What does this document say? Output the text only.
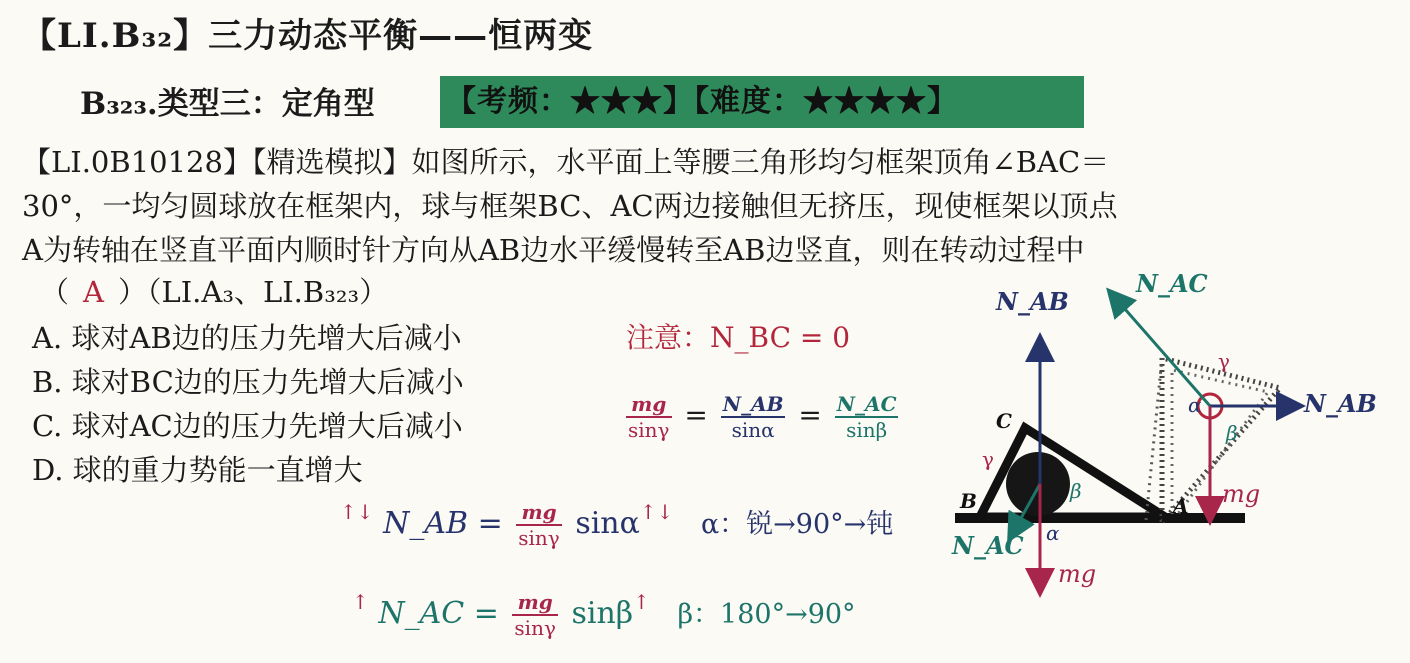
【LI.B₃₂】三力动态平衡——恒两变
B₃₂₃.类型三：定角型 【考频：★★★】【难度：★★★★】
【LI.0B10128】【精选模拟】如图所示，水平面上等腰三角形均匀框架顶角∠BAC＝
30°，一均匀圆球放在框架内，球与框架BC、AC两边接触但无挤压，现使框架以顶点
A为转轴在竖直平面内顺时针方向从AB边水平缓慢转至AB边竖直，则在转动过程中
（ A ）（LI.A₃、LI.B₃₂₃）
A. 球对AB边的压力先增大后减小
B. 球对BC边的压力先增大后减小
C. 球对AC边的压力先增大后减小
D. 球的重力势能一直增大
注意：N_BC = 0
$\frac{mg}{\sin\gamma} = \frac{N\_AB}{\sin\alpha} = \frac{N\_AC}{\sin\beta}$
↑↓ N_AB = $\frac{mg}{\sin\gamma} \sin\alpha^{↑↓}$ α：锐→90°→钝
↑ N_AC = $\frac{mg}{\sin\gamma} \sin\beta^↑$ β：180°→90°
N_AB
N_AC
N_AB
N_AC
mg
mg
C
B	A
γ
β
α
γ
α
β
